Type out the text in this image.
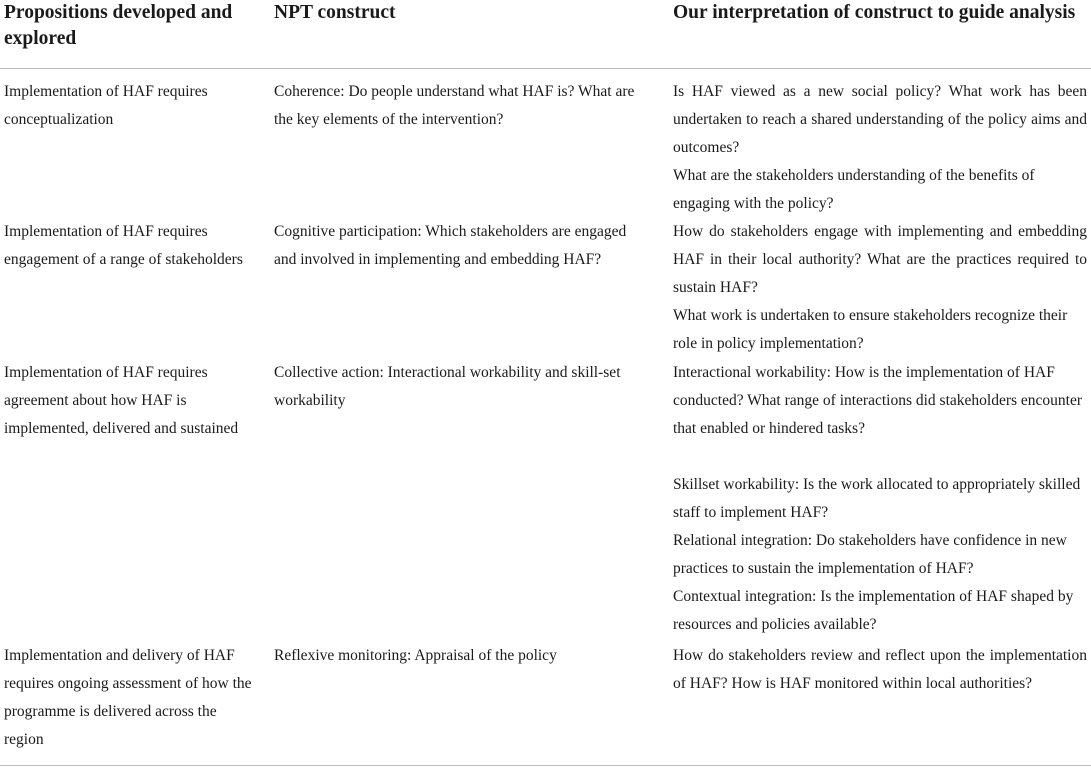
Propositions developed and explored
NPT construct	Our interpretation of construct to guide analysis
Implementation of HAF requires conceptualization
Coherence: Do people understand what HAF is? What are the key elements of the intervention?
Is HAF viewed as a new social policy? What work has been undertaken to reach a shared understanding of the policy aims and outcomes?
What are the stakeholders understanding of the benefits of engaging with the policy?
Implementation of HAF requires engagement of a range of stakeholders
Cognitive participation: Which stakeholders are engaged and involved in implementing and embedding HAF?
How do stakeholders engage with implementing and embedding HAF in their local authority? What are the practices required to sustain HAF?
What work is undertaken to ensure stakeholders recognize their role in policy implementation?
Implementation of HAF requires agreement about how HAF is implemented, delivered and sustained
Collective action: Interactional workability and skill-set workability
Interactional workability: How is the implementation of HAF conducted? What range of interactions did stakeholders encounter that enabled or hindered tasks?
Skillset workability: Is the work allocated to appropriately skilled staff to implement HAF?
Relational integration: Do stakeholders have confidence in new practices to sustain the implementation of HAF?
Contextual integration: Is the implementation of HAF shaped by resources and policies available?
Implementation and delivery of HAF requires ongoing assessment of how the programme is delivered across the region
Reflexive monitoring: Appraisal of the policy	How do stakeholders review and reflect upon the implementation of HAF? How is HAF monitored within local authorities?
